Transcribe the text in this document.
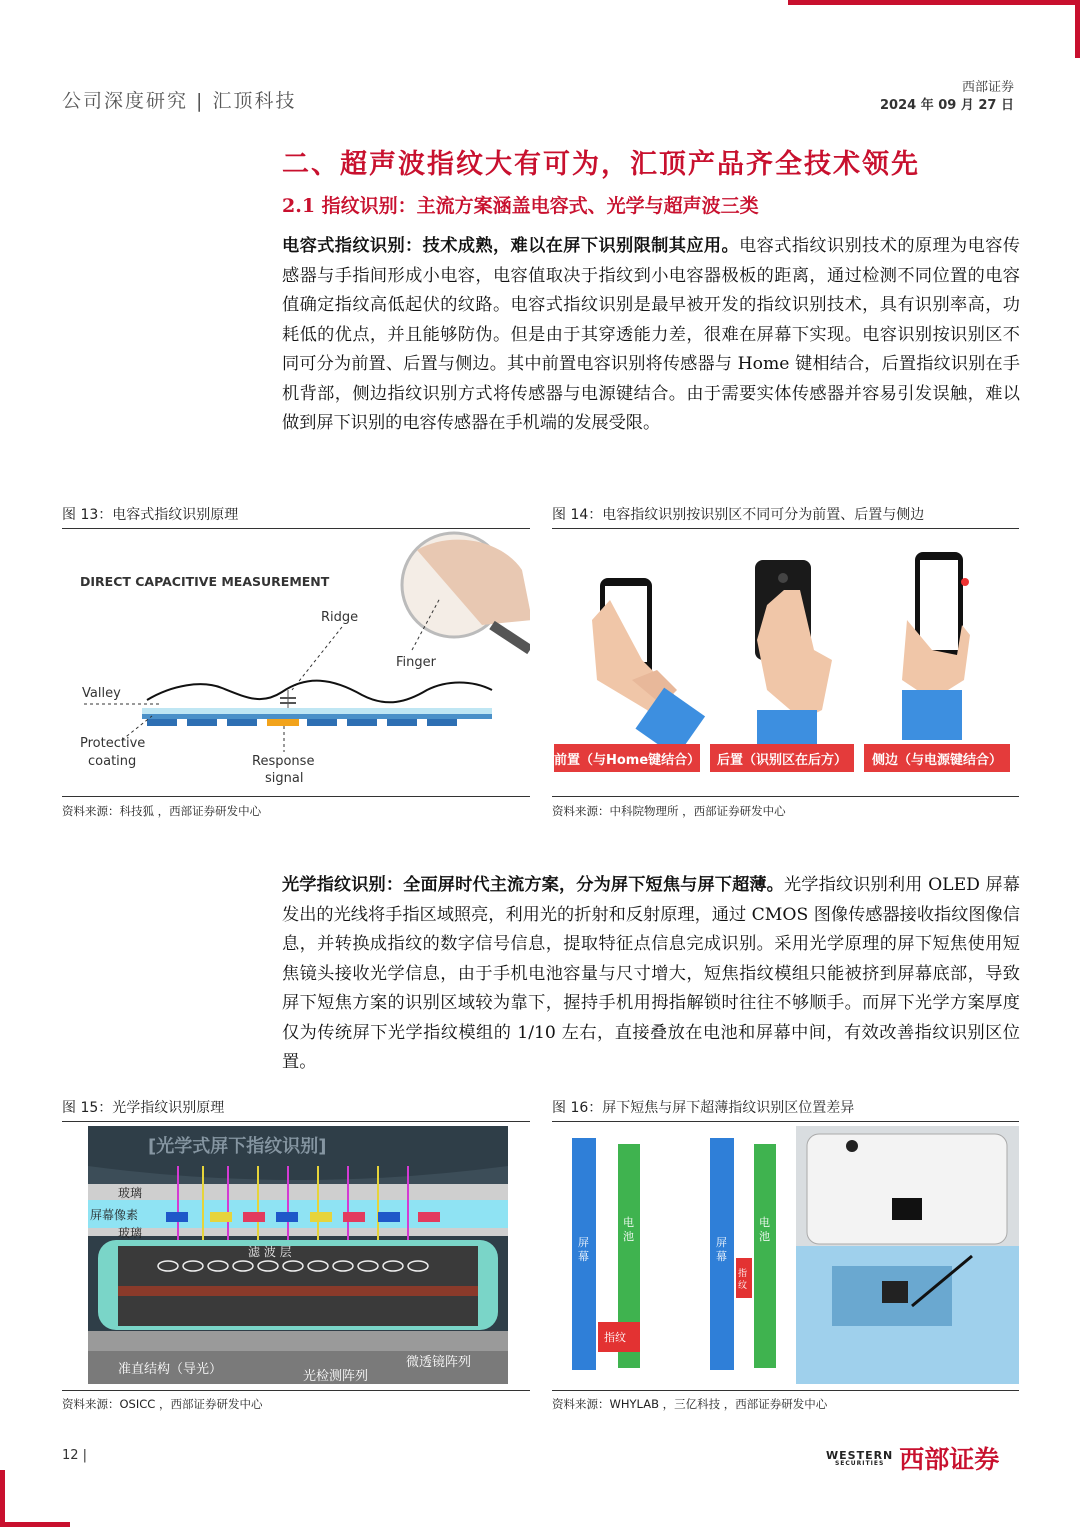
公司深度研究 | 汇顶科技
西部证券
2024 年 09 月 27 日
二、超声波指纹大有可为，汇顶产品齐全技术领先
2.1 指纹识别：主流方案涵盖电容式、光学与超声波三类
电容式指纹识别：技术成熟，难以在屏下识别限制其应用。电容式指纹识别技术的原理为电容传感器与手指间形成小电容，电容值取决于指纹到小电容器极板的距离，通过检测不同位置的电容值确定指纹高低起伏的纹路。电容式指纹识别是最早被开发的指纹识别技术，具有识别率高，功耗低的优点，并且能够防伪。但是由于其穿透能力差，很难在屏幕下实现。电容识别按识别区不同可分为前置、后置与侧边。其中前置电容识别将传感器与 Home 键相结合，后置指纹识别在手机背部，侧边指纹识别方式将传感器与电源键结合。由于需要实体传感器并容易引发误触，难以做到屏下识别的电容传感器在手机端的发展受限。
图 13：电容式指纹识别原理
DIRECT CAPACITIVE MEASUREMENT
Ridge
Finger
Valley
Protective
coating	Response
signal
资料来源：科技狐 ，西部证券研发中心
图 14：电容指纹识别按识别区不同可分为前置、后置与侧边
前置（与Home键结合）	后置（识别区在后方）	侧边（与电源键结合）
资料来源：中科院物理所 ，西部证券研发中心
光学指纹识别：全面屏时代主流方案，分为屏下短焦与屏下超薄。光学指纹识别利用 OLED 屏幕发出的光线将手指区域照亮，利用光的折射和反射原理，通过 CMOS 图像传感器接收指纹图像信息，并转换成指纹的数字信号信息，提取特征点信息完成识别。采用光学原理的屏下短焦使用短焦镜头接收光学信息，由于手机电池容量与尺寸增大，短焦指纹模组只能被挤到屏幕底部，导致屏下短焦方案的识别区域较为靠下，握持手机用拇指解锁时往往不够顺手。而屏下光学方案厚度仅为传统屏下光学指纹模组的 1/10 左右，直接叠放在电池和屏幕中间，有效改善指纹识别区位置。
图 15：光学指纹识别原理
[光学式屏下指纹识别]
玻璃
屏幕像素
玻璃
滤 波 层
准直结构（导光）	光检测阵列
微透镜阵列
资料来源：OSICC ，西部证券研发中心
图 16：屏下短焦与屏下超薄指纹识别区位置差异
屏
幕
电
池
指纹
屏
幕
电
池
指
纹
资料来源：WHYLAB ，三亿科技 ，西部证券研发中心
12 |	WESTERN
SECURITIES 西部证券
